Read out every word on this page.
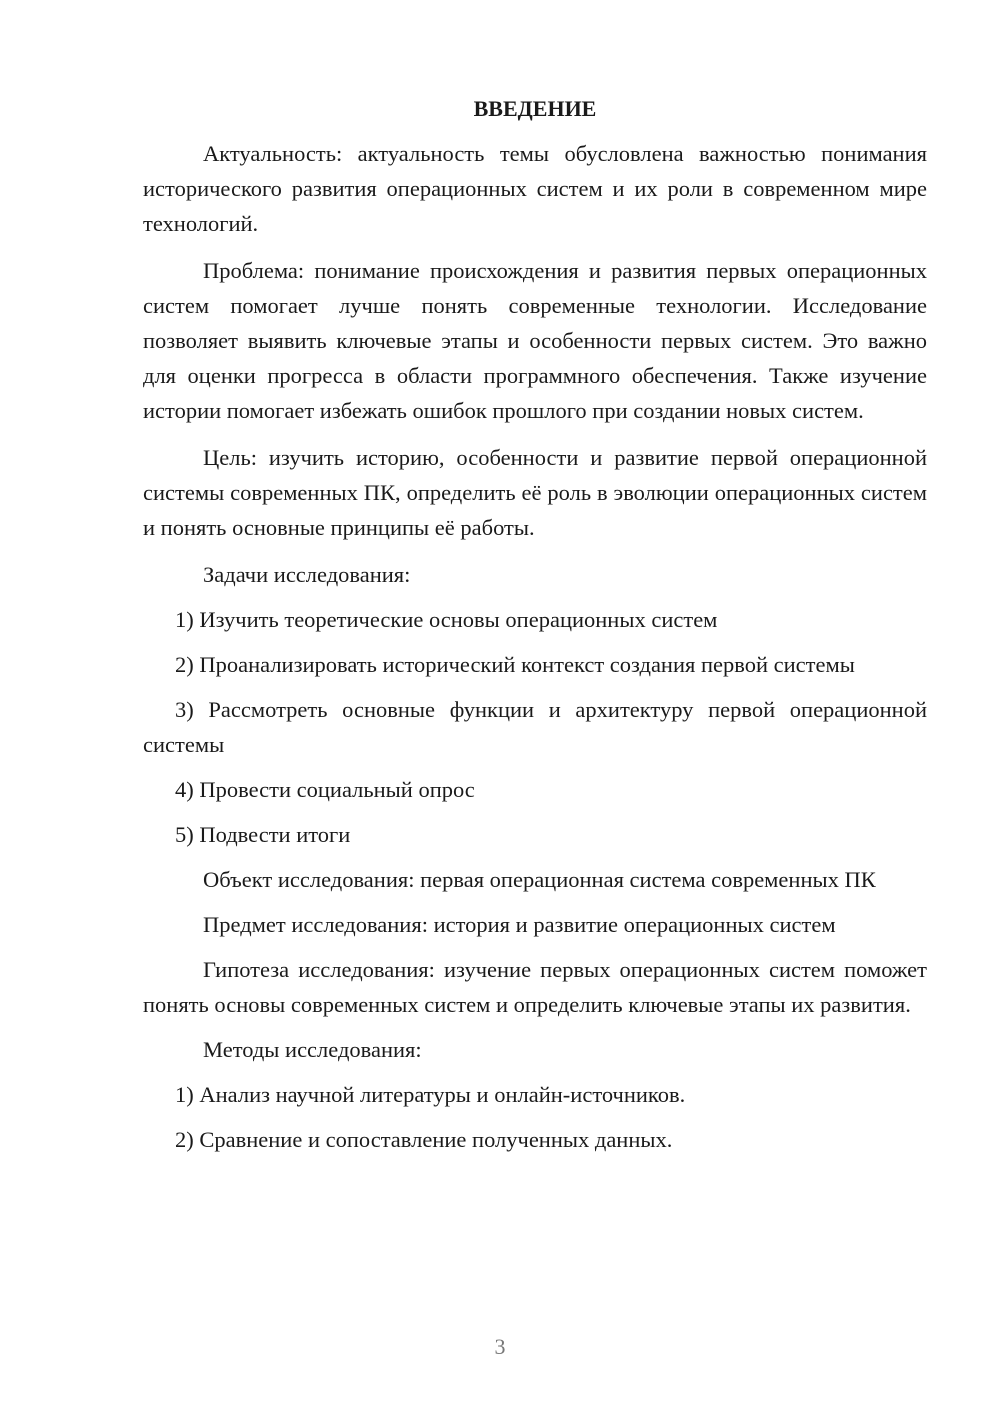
ВВЕДЕНИЕ

Актуальность: актуальность темы обусловлена важностью понимания исторического развития операционных систем и их роли в современном мире технологий.

Проблема: понимание происхождения и развития первых операционных систем помогает лучше понять современные технологии. Исследование позволяет выявить ключевые этапы и особенности первых систем. Это важно для оценки прогресса в области программного обеспечения. Также изучение истории помогает избежать ошибок прошлого при создании новых систем.

Цель: изучить историю, особенности и развитие первой операционной системы современных ПК, определить её роль в эволюции операционных систем и понять основные принципы её работы.

Задачи исследования:

1) Изучить теоретические основы операционных систем

2) Проанализировать исторический контекст создания первой системы

3) Рассмотреть основные функции и архитектуру первой операционной системы

4) Провести социальный опрос

5) Подвести итоги

Объект исследования: первая операционная система современных ПК

Предмет исследования: история и развитие операционных систем

Гипотеза исследования: изучение первых операционных систем поможет понять основы современных систем и определить ключевые этапы их развития.

Методы исследования:

1) Анализ научной литературы и онлайн-источников.

2) Сравнение и сопоставление полученных данных.

3
